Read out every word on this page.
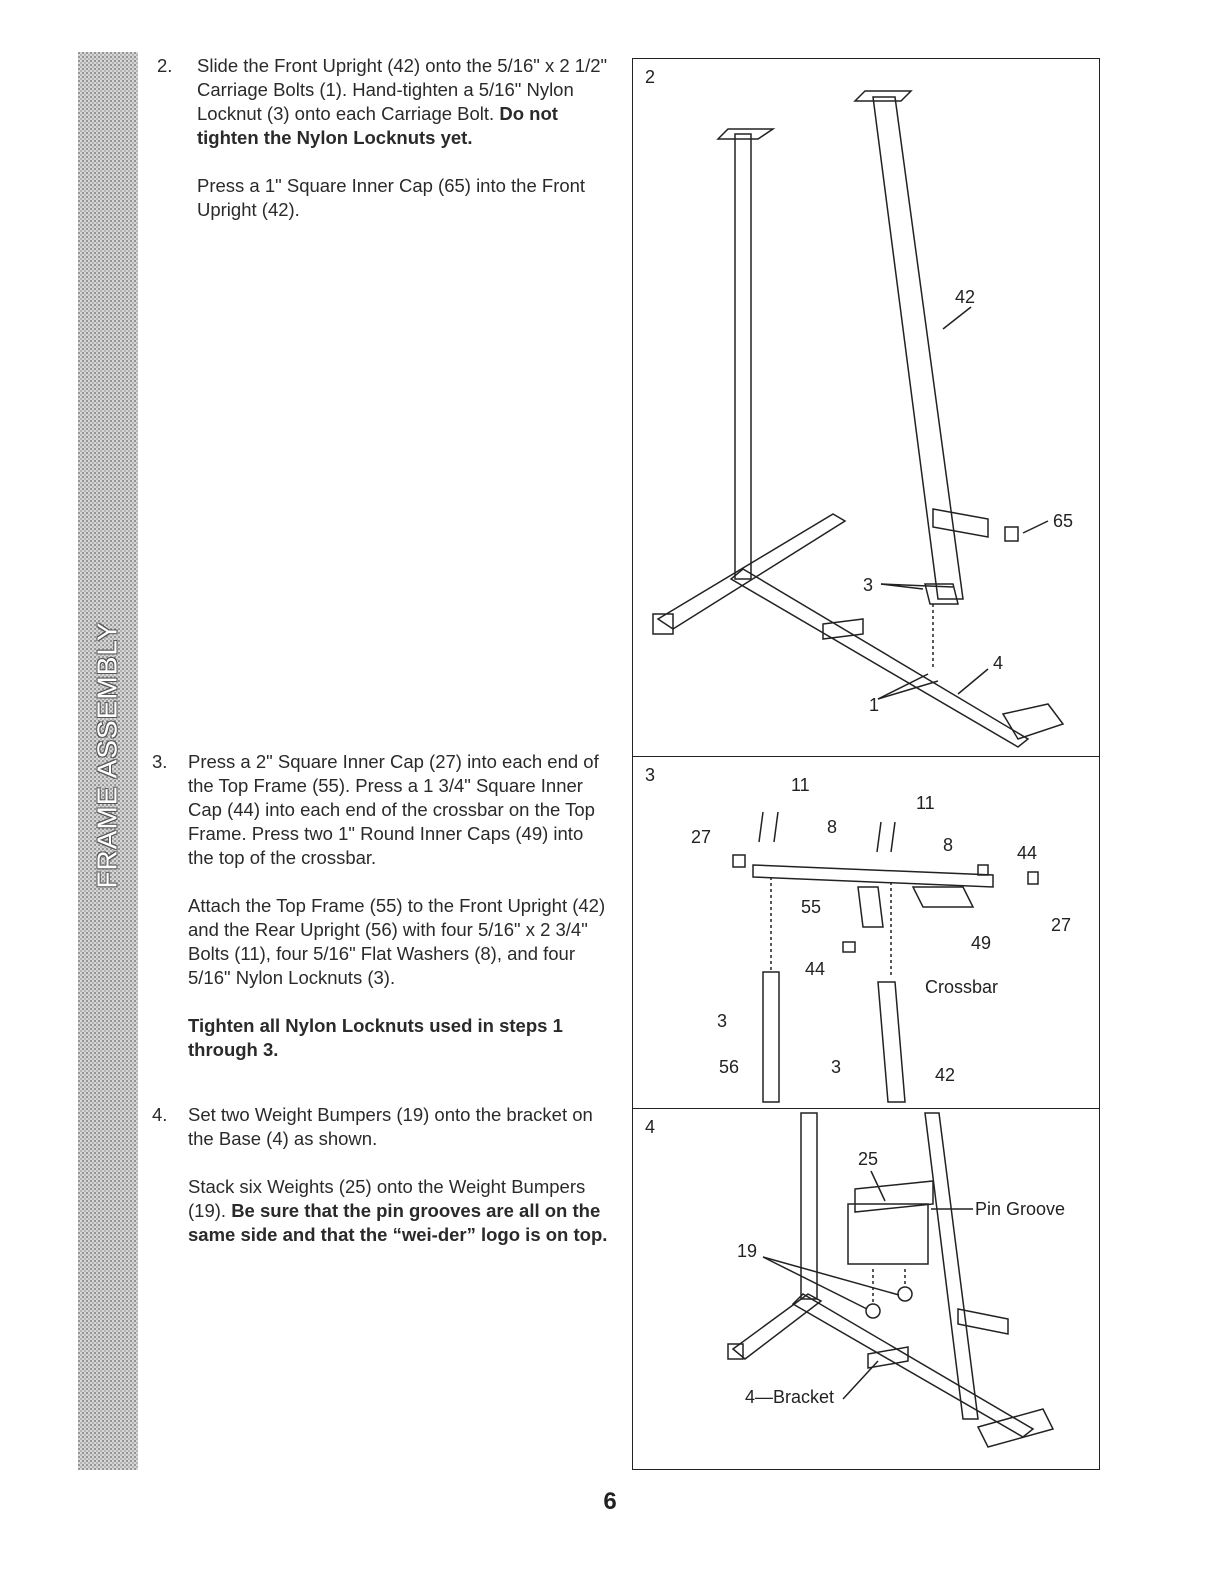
FRAME ASSEMBLY
2. Slide the Front Upright (42) onto the 5/16" x 2 1/2" Carriage Bolts (1). Hand-tighten a 5/16" Nylon Locknut (3) onto each Carriage Bolt. Do not tighten the Nylon Locknuts yet.

Press a 1" Square Inner Cap (65) into the Front Upright (42).

3. Press a 2" Square Inner Cap (27) into each end of the Top Frame (55). Press a 1 3/4" Square Inner Cap (44) into each end of the crossbar on the Top Frame. Press two 1" Round Inner Caps (49) into the top of the crossbar.

Attach the Top Frame (55) to the Front Upright (42) and the Rear Upright (56) with four 5/16" x 2 3/4" Bolts (11), four 5/16" Flat Washers (8), and four 5/16" Nylon Locknuts (3).

Tighten all Nylon Locknuts used in steps 1 through 3.

4. Set two Weight Bumpers (19) onto the bracket on the Base (4) as shown.

Stack six Weights (25) onto the Weight Bumpers (19). Be sure that the pin grooves are all on the same side and that the “wei-der” logo is on top.

2
42
65
3
4
1
3	11
11
8
8
27
27
44
44
55
49
Crossbar
3
3
56	42
4
25
Pin Groove
19
4—Bracket
6
